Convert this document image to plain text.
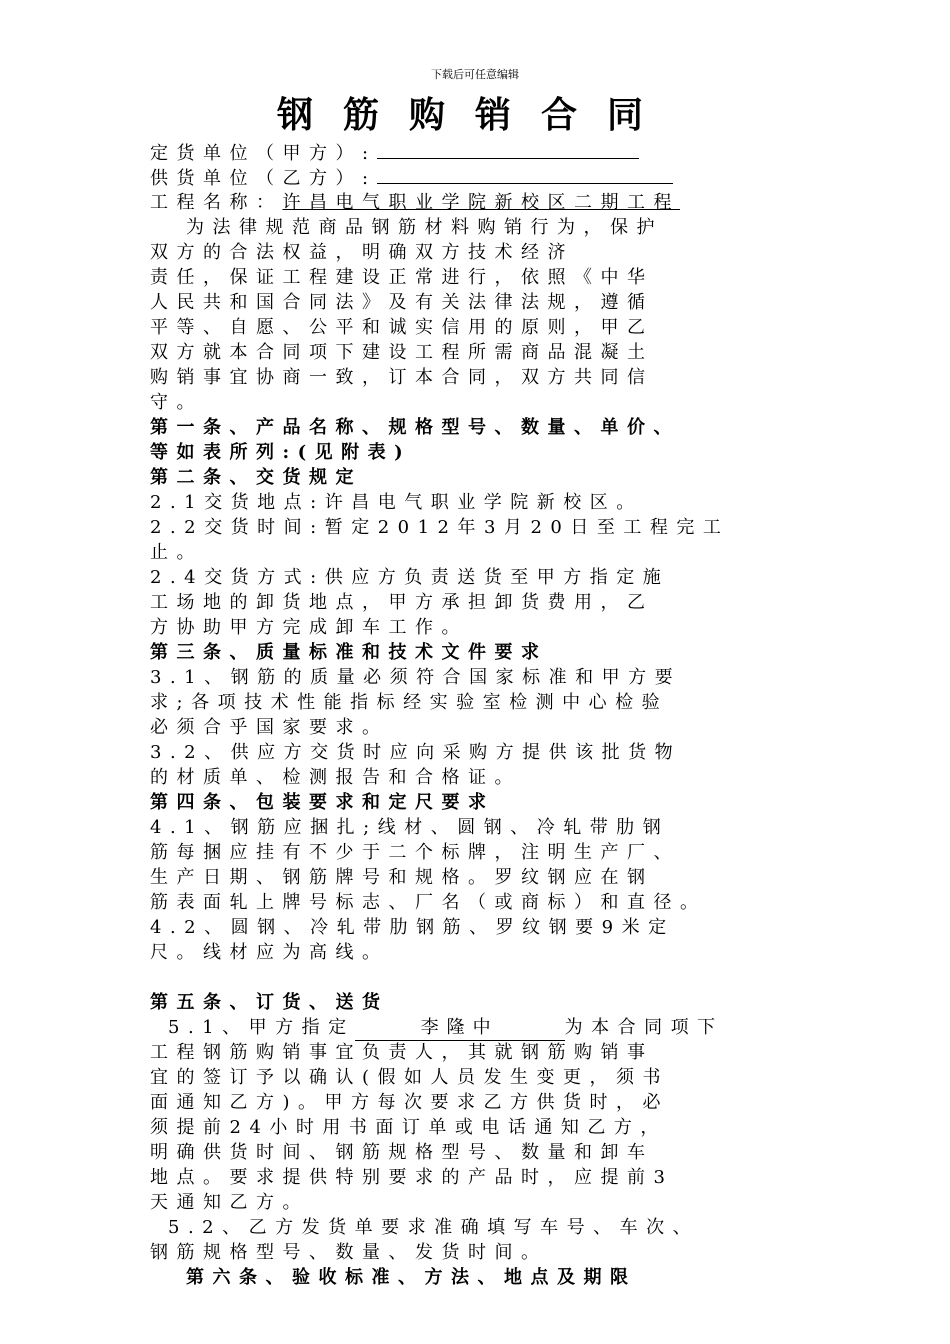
下载后可任意编辑
钢筋购销合同
定货单位（甲方）:
供货单位（乙方）:
工程名称：许昌电气职业学院新校区二期工程
为法律规范商品钢筋材料购销行为，保护
双方的合法权益，明确双方技术经济
责任，保证工程建设正常进行，依照《中华
人民共和国合同法》及有关法律法规，遵循
平等、自愿、公平和诚实信用的原则，甲乙
双方就本合同项下建设工程所需商品混凝土
购销事宜协商一致，订本合同，双方共同信
守。
第一条、产品名称、规格型号、数量、单价、
等如表所列:(见附表)
第二条、交货规定
2.1交货地点:许昌电气职业学院新校区。
2.2交货时间:暂定2012年3月20日至工程完工
止。
2.4交货方式:供应方负责送货至甲方指定施
工场地的卸货地点，甲方承担卸货费用，乙
方协助甲方完成卸车工作。
第三条、质量标准和技术文件要求
3.1、钢筋的质量必须符合国家标准和甲方要
求;各项技术性能指标经实验室检测中心检验
必须合乎国家要求。
3.2、供应方交货时应向采购方提供该批货物
的材质单、检测报告和合格证。
第四条、包装要求和定尺要求
4.1、钢筋应捆扎;线材、圆钢、冷轧带肋钢
筋每捆应挂有不少于二个标牌，注明生产厂、
生产日期、钢筋牌号和规格。罗纹钢应在钢
筋表面轧上牌号标志、厂名（或商标）和直径。
4.2、圆钢、冷轧带肋钢筋、罗纹钢要9米定
尺。线材应为高线。
第五条、订货、送货
5.1、甲方指定	李隆中	为本合同项下
工程钢筋购销事宜负责人，其就钢筋购销事
宜的签订予以确认(假如人员发生变更，须书
面通知乙方)。甲方每次要求乙方供货时，必
须提前24小时用书面订单或电话通知乙方，
明确供货时间、钢筋规格型号、数量和卸车
地点。要求提供特别要求的产品时，应提前3
天通知乙方。
5.2、乙方发货单要求准确填写车号、车次、
钢筋规格型号、数量、发货时间。
第六条、验收标准、方法、地点及期限
